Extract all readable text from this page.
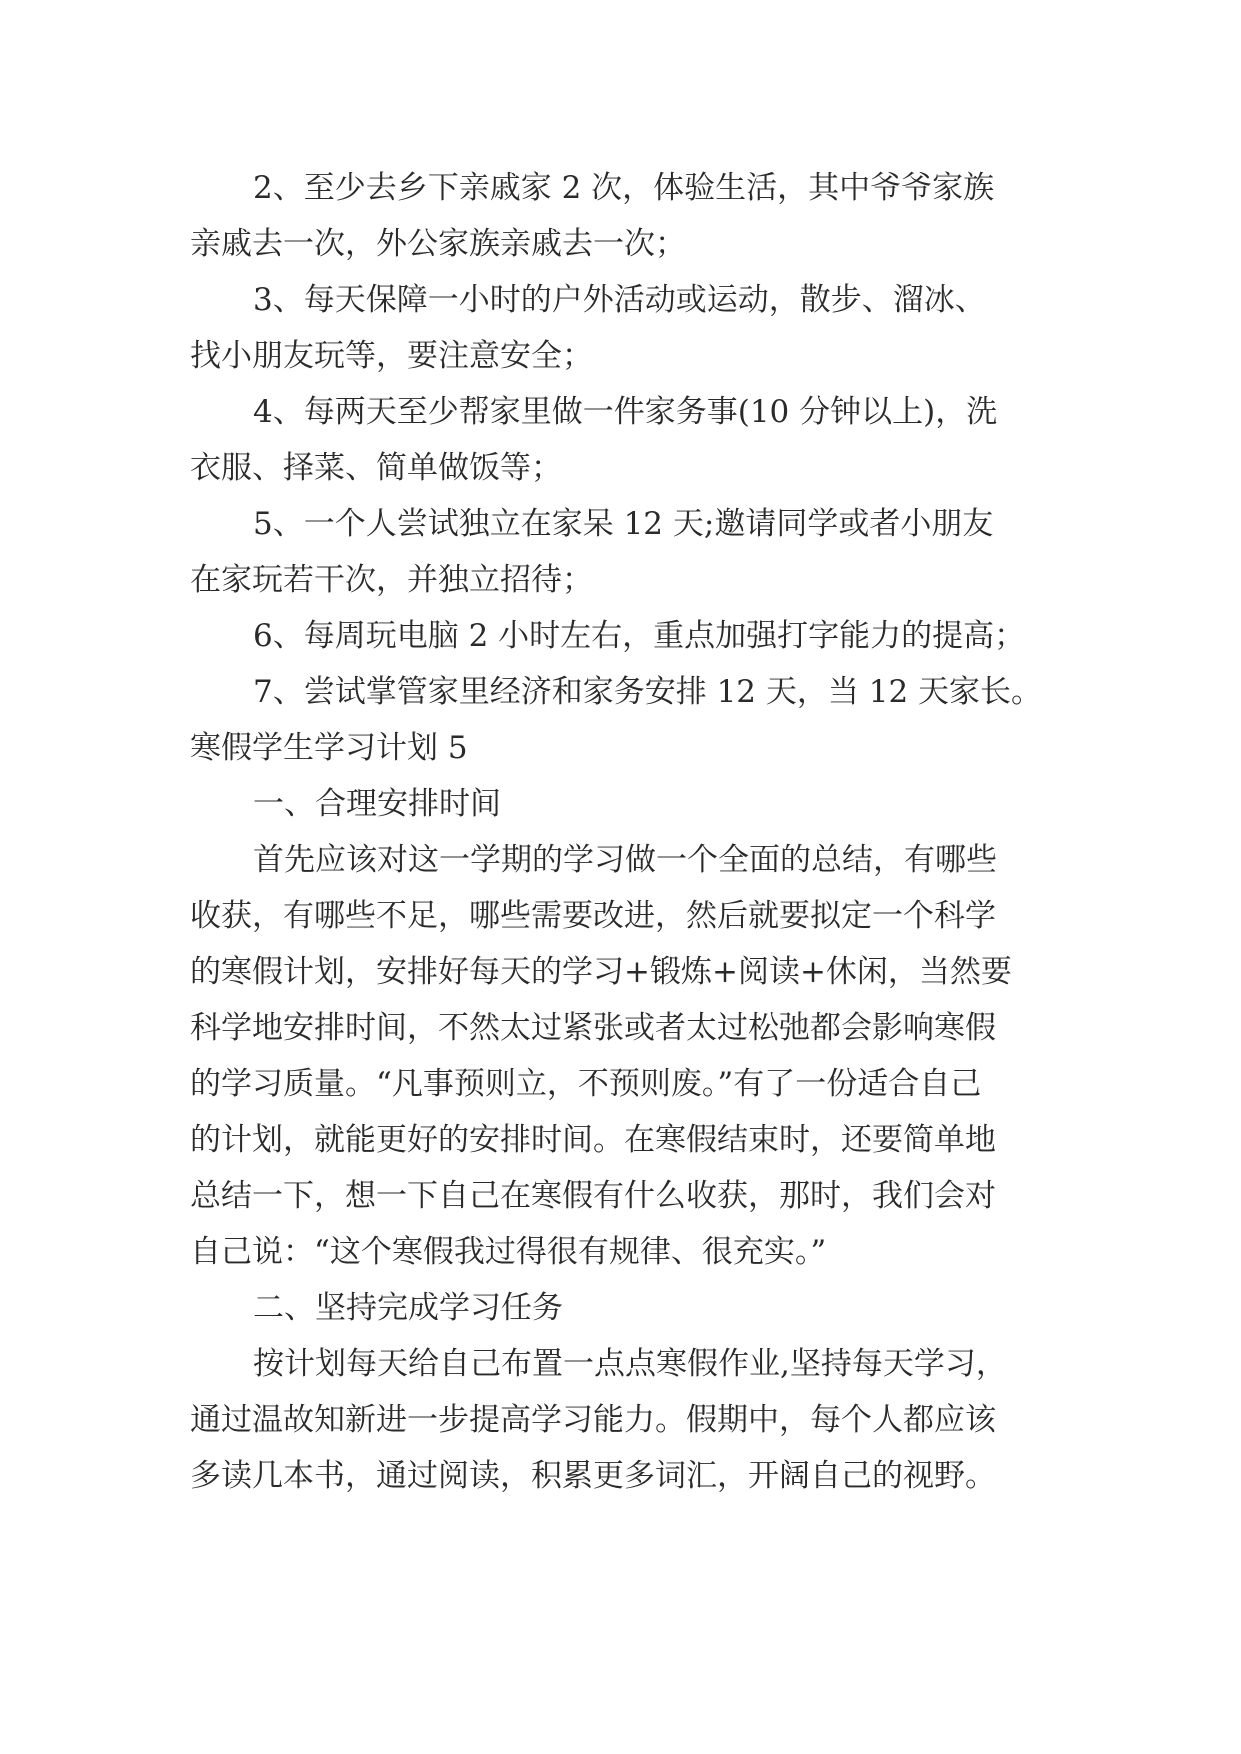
2、至少去乡下亲戚家 2 次，体验生活，其中爷爷家族
亲戚去一次，外公家族亲戚去一次；
3、每天保障一小时的户外活动或运动，散步、溜冰、
找小朋友玩等，要注意安全；
4、每两天至少帮家里做一件家务事(10 分钟以上)，洗
衣服、择菜、简单做饭等；
5、一个人尝试独立在家呆 12 天;邀请同学或者小朋友
在家玩若干次，并独立招待；
6、每周玩电脑 2 小时左右，重点加强打字能力的提高；
7、尝试掌管家里经济和家务安排 12 天，当 12 天家长。
寒假学生学习计划 5
一、合理安排时间
首先应该对这一学期的学习做一个全面的总结，有哪些
收获，有哪些不足，哪些需要改进，然后就要拟定一个科学
的寒假计划，安排好每天的学习+锻炼+阅读+休闲，当然要
科学地安排时间，不然太过紧张或者太过松弛都会影响寒假
的学习质量。“凡事预则立，不预则废。”有了一份适合自己
的计划，就能更好的安排时间。在寒假结束时，还要简单地
总结一下，想一下自己在寒假有什么收获，那时，我们会对
自己说：“这个寒假我过得很有规律、很充实。”
二、坚持完成学习任务
按计划每天给自己布置一点点寒假作业,坚持每天学习，
通过温故知新进一步提高学习能力。假期中，每个人都应该
多读几本书，通过阅读，积累更多词汇，开阔自己的视野。
